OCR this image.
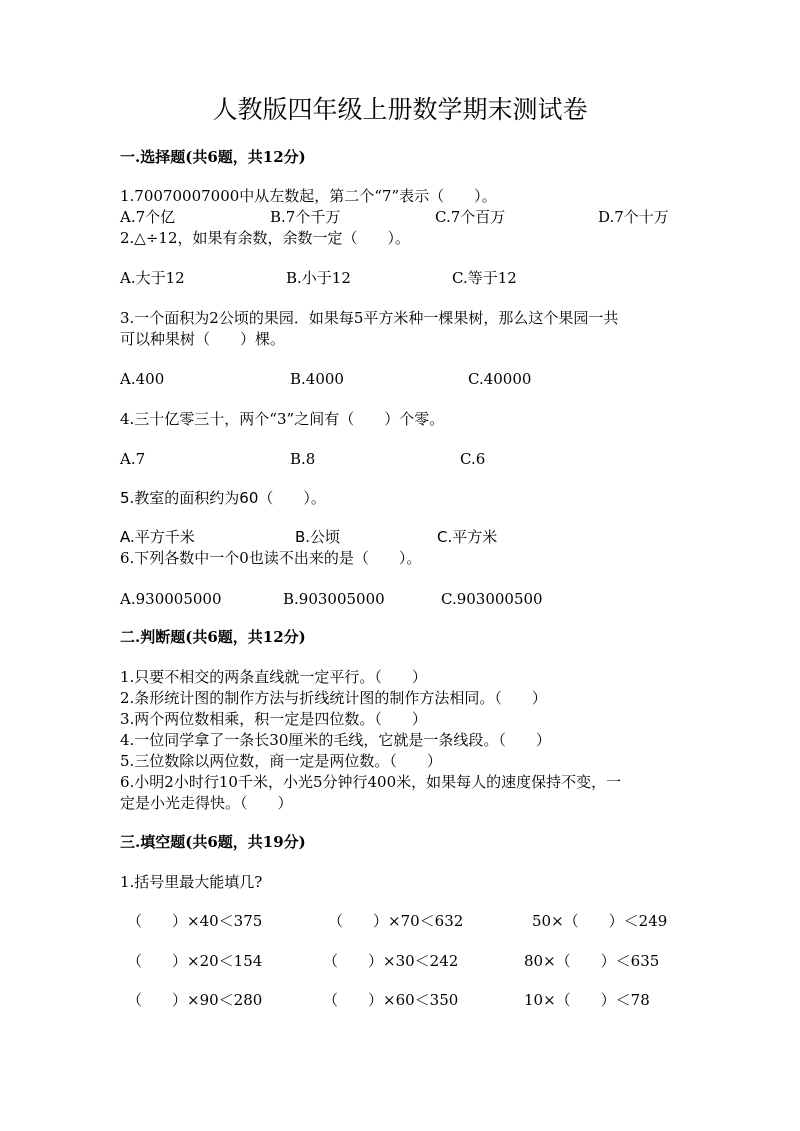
人教版四年级上册数学期末测试卷
一.选择题(共6题，共12分)
1.70070007000中从左数起，第二个“7”表示（　　）。
A.7个亿	B.7个千万	C.7个百万	D.7个十万
2.△÷12，如果有余数，余数一定（　　）。
A.大于12	B.小于12	C.等于12
3.一个面积为2公顷的果园．如果每5平方米种一棵果树，那么这个果园一共
可以种果树（　　）棵。
A.400	B.4000	C.40000
4.三十亿零三十，两个“3”之间有（　　）个零。
A.7	B.8	C.6
5.教室的面积约为60（　　）。
A.平方千米	B.公顷	C.平方米
6.下列各数中一个0也读不出来的是（　　）。
A.930005000	B.903005000	C.903000500
二.判断题(共6题，共12分)
1.只要不相交的两条直线就一定平行。（　　）
2.条形统计图的制作方法与折线统计图的制作方法相同。（　　）
3.两个两位数相乘，积一定是四位数。（　　）
4.一位同学拿了一条长30厘米的毛线，它就是一条线段。（　　）
5.三位数除以两位数，商一定是两位数。（　　）
6.小明2小时行10千米，小光5分钟行400米，如果每人的速度保持不变，一
定是小光走得快。（　　）
三.填空题(共6题，共19分)
1.括号里最大能填几?
（　　）×40＜375	（　　）×70＜632	50×（　　）＜249
（　　）×20＜154	（　　）×30＜242	80×（　　）＜635
（　　）×90＜280	（　　）×60＜350	10×（　　）＜78
